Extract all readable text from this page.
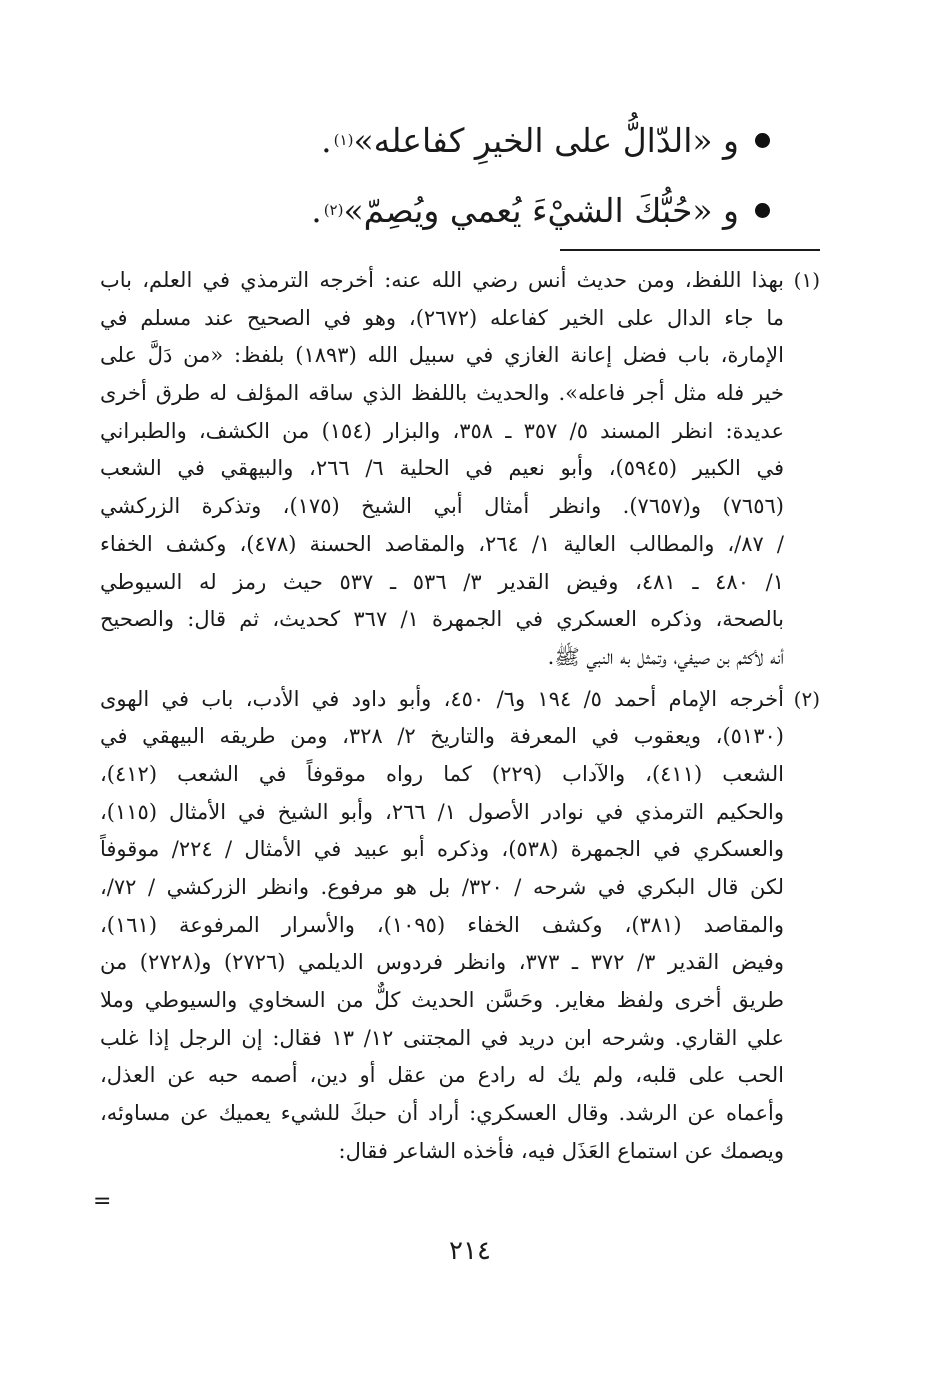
و «الدّالُّ على الخيرِ كفاعله»
(١)
.
و «حُبُّكَ الشيْءَ يُعمي ويُصِمّ»
(٢)
.
(١)
بهذا اللفظ، ومن حديث أنس رضي الله عنه: أخرجه الترمذي في العلم، باب
ما جاء الدال على الخير كفاعله (٢٦٧٢)، وهو في الصحيح عند مسلم في
الإمارة، باب فضل إعانة الغازي في سبيل الله (١٨٩٣) بلفظ: «من دَلَّ على
خير فله مثل أجر فاعله». والحديث باللفظ الذي ساقه المؤلف له طرق أخرى
عديدة: انظر المسند ٥/ ٣٥٧ ـ ٣٥٨، والبزار (١٥٤) من الكشف، والطبراني
في الكبير (٥٩٤٥)، وأبو نعيم في الحلية ٦/ ٢٦٦، والبيهقي في الشعب
(٧٦٥٦) و(٧٦٥٧). وانظر أمثال أبي الشيخ (١٧٥)، وتذكرة الزركشي
/ ٨٧/، والمطالب العالية ١/ ٢٦٤، والمقاصد الحسنة (٤٧٨)، وكشف الخفاء
١/ ٤٨٠ ـ ٤٨١، وفيض القدير ٣/ ٥٣٦ ـ ٥٣٧ حيث رمز له السيوطي
بالصحة، وذكره العسكري في الجمهرة ١/ ٣٦٧ كحديث، ثم قال: والصحيح
أنه لأكثم بن صيفي، وتمثل به النبي ﷺ.
(٢)
أخرجه الإمام أحمد ٥/ ١٩٤ و٦/ ٤٥٠، وأبو داود في الأدب، باب في الهوى
(٥١٣٠)، ويعقوب في المعرفة والتاريخ ٢/ ٣٢٨، ومن طريقه البيهقي في
الشعب (٤١١)، والآداب (٢٢٩) كما رواه موقوفاً في الشعب (٤١٢)،
والحكيم الترمذي في نوادر الأصول ١/ ٢٦٦، وأبو الشيخ في الأمثال (١١٥)،
والعسكري في الجمهرة (٥٣٨)، وذكره أبو عبيد في الأمثال / ٢٢٤/ موقوفاً
لكن قال البكري في شرحه / ٣٢٠/ بل هو مرفوع. وانظر الزركشي / ٧٢/،
والمقاصد (٣٨١)، وكشف الخفاء (١٠٩٥)، والأسرار المرفوعة (١٦١)،
وفيض القدير ٣/ ٣٧٢ ـ ٣٧٣، وانظر فردوس الديلمي (٢٧٢٦) و(٢٧٢٨) من
طريق أخرى ولفظ مغاير. وحَسَّن الحديث كلٌّ من السخاوي والسيوطي وملا
علي القاري. وشرحه ابن دريد في المجتنى ١٢/ ١٣ فقال: إن الرجل إذا غلب
الحب على قلبه، ولم يك له رادع من عقل أو دين، أصمه حبه عن العذل،
وأعماه عن الرشد. وقال العسكري: أراد أن حبكَ للشيء يعميك عن مساوئه،
ويصمك عن استماع العَذَل فيه، فأخذه الشاعر فقال:
=
٢١٤
